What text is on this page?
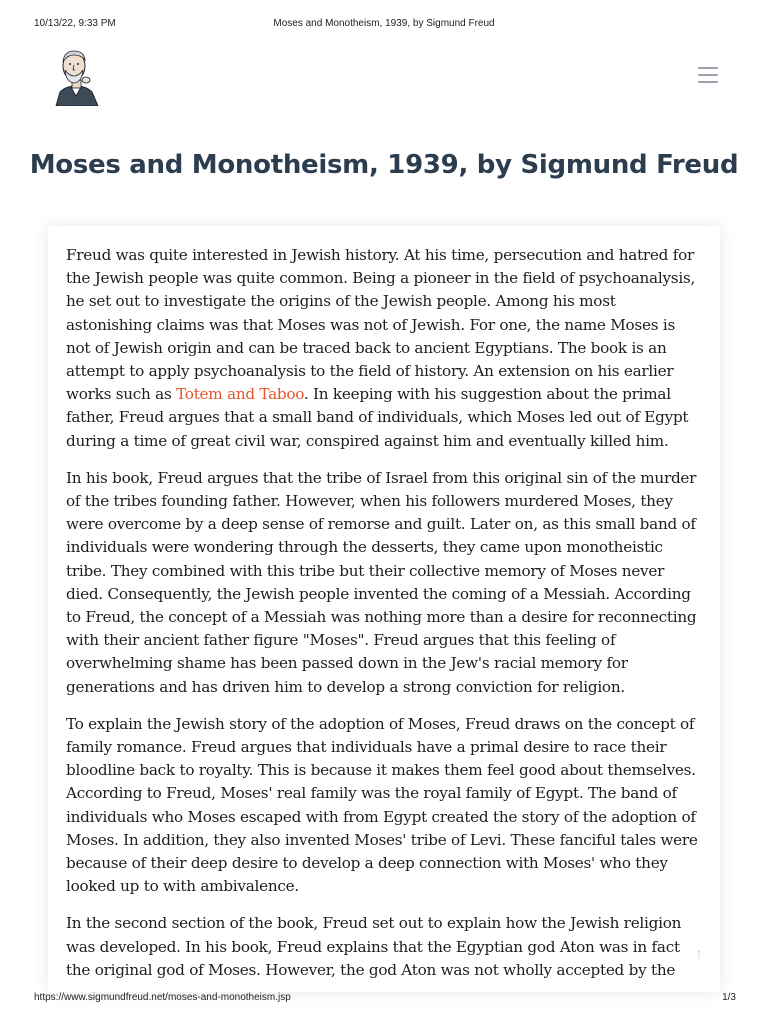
10/13/22, 9:33 PM	Moses and Monotheism, 1939, by Sigmund Freud
Moses and Monotheism, 1939, by Sigmund Freud

Freud was quite interested in Jewish history. At his time, persecution and hatred for the Jewish people was quite common. Being a pioneer in the field of psychoanalysis, he set out to investigate the origins of the Jewish people. Among his most astonishing claims was that Moses was not of Jewish. For one, the name Moses is not of Jewish origin and can be traced back to ancient Egyptians. The book is an attempt to apply psychoanalysis to the field of history. An extension on his earlier works such as Totem and Taboo. In keeping with his suggestion about the primal father, Freud argues that a small band of individuals, which Moses led out of Egypt during a time of great civil war, conspired against him and eventually killed him.

In his book, Freud argues that the tribe of Israel from this original sin of the murder of the tribes founding father. However, when his followers murdered Moses, they were overcome by a deep sense of remorse and guilt. Later on, as this small band of individuals were wondering through the desserts, they came upon monotheistic tribe. They combined with this tribe but their collective memory of Moses never died. Consequently, the Jewish people invented the coming of a Messiah. According to Freud, the concept of a Messiah was nothing more than a desire for reconnecting with their ancient father figure "Moses". Freud argues that this feeling of overwhelming shame has been passed down in the Jew's racial memory for generations and has driven him to develop a strong conviction for religion.

To explain the Jewish story of the adoption of Moses, Freud draws on the concept of family romance. Freud argues that individuals have a primal desire to race their bloodline back to royalty. This is because it makes them feel good about themselves. According to Freud, Moses' real family was the royal family of Egypt. The band of individuals who Moses escaped with from Egypt created the story of the adoption of Moses. In addition, they also invented Moses' tribe of Levi. These fanciful tales were because of their deep desire to develop a deep connection with Moses' who they looked up to with ambivalence.

In the second section of the book, Freud set out to explain how the Jewish religion was developed. In his book, Freud explains that the Egyptian god Aton was in fact the original god of Moses. However, the god Aton was not wholly accepted by the

↑
https://www.sigmundfreud.net/moses-and-monotheism.jsp	1/3
